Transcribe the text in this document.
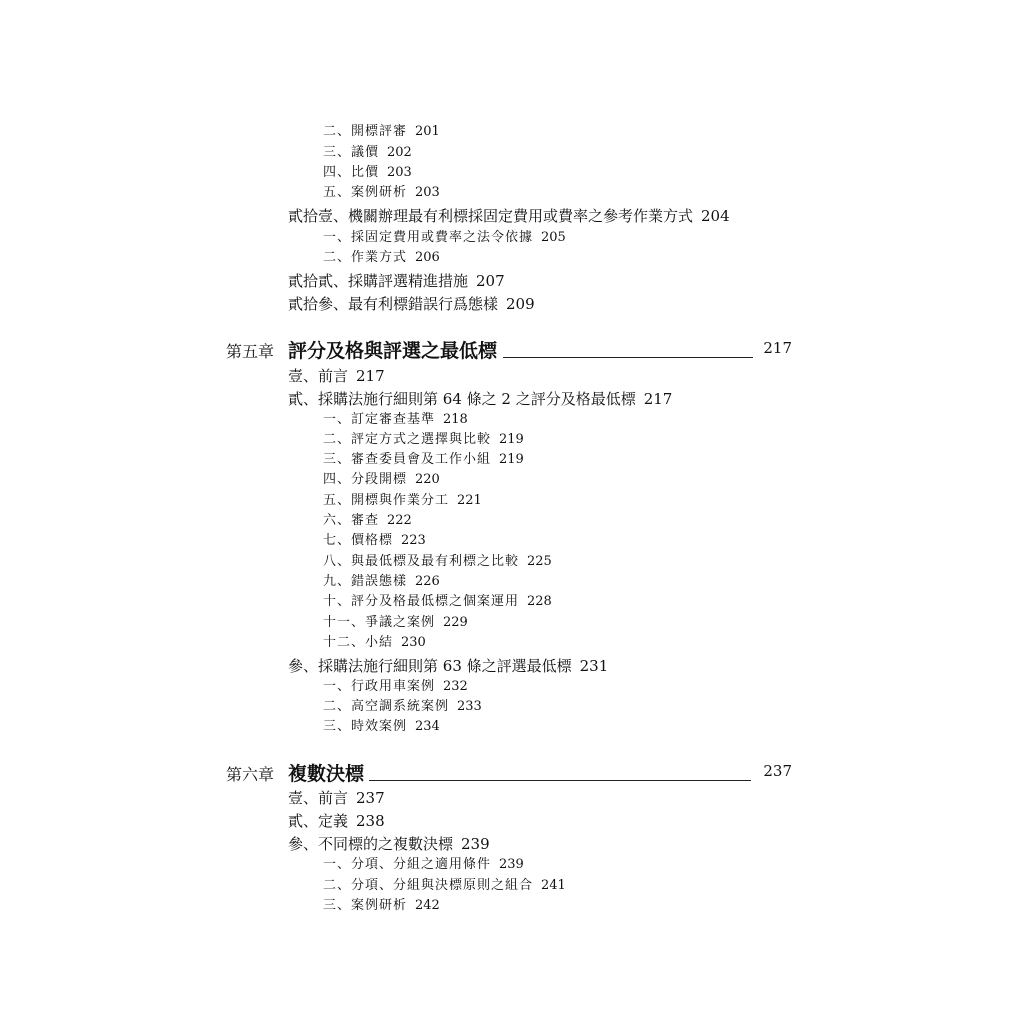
二、開標評審 201
三、議價 202
四、比價 203
五、案例研析 203
貳拾壹、機關辦理最有利標採固定費用或費率之參考作業方式 204
一、採固定費用或費率之法令依據 205
二、作業方式 206
貳拾貳、採購評選精進措施 207
貳拾參、最有利標錯誤行爲態樣 209
第五章 評分及格與評選之最低標	217
壹、前言 217
貳、採購法施行細則第 64 條之 2 之評分及格最低標 217
一、訂定審查基準 218
二、評定方式之選擇與比較 219
三、審查委員會及工作小組 219
四、分段開標 220
五、開標與作業分工 221
六、審查 222
七、價格標 223
八、與最低標及最有利標之比較 225
九、錯誤態樣 226
十、評分及格最低標之個案運用 228
十一、爭議之案例 229
十二、小結 230
參、採購法施行細則第 63 條之評選最低標 231
一、行政用車案例 232
二、高空調系統案例 233
三、時效案例 234
第六章 複數決標	237
壹、前言 237
貳、定義 238
參、不同標的之複數決標 239
一、分項、分組之適用條件 239
二、分項、分組與決標原則之組合 241
三、案例研析 242
